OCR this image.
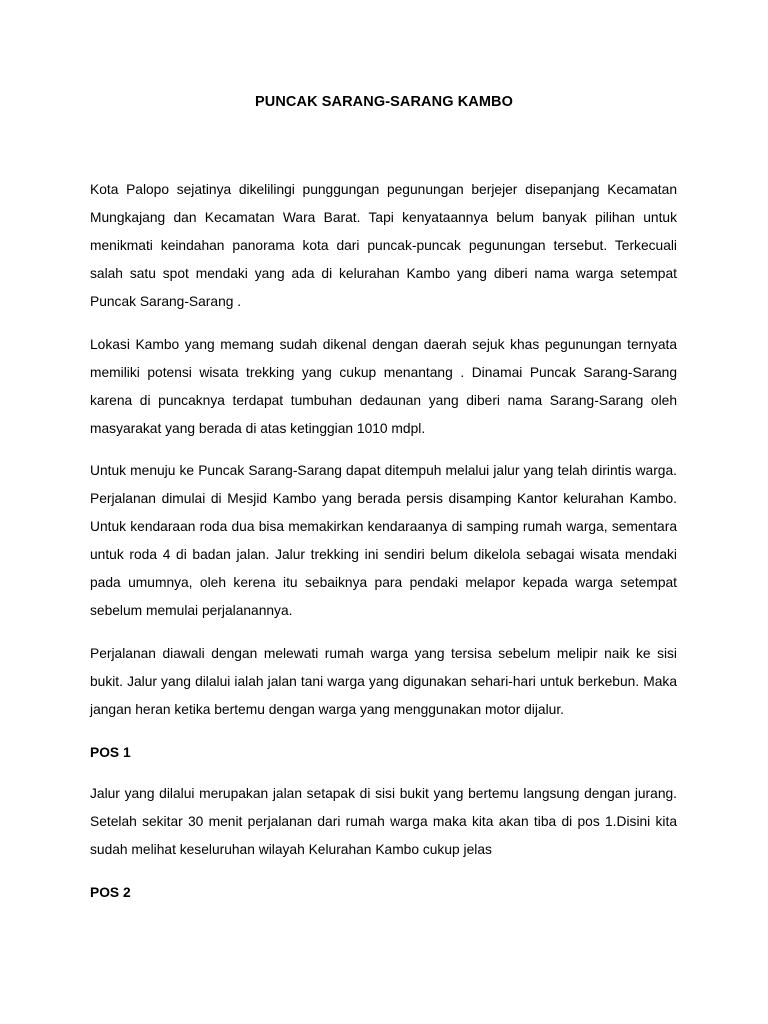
PUNCAK SARANG-SARANG KAMBO

Kota Palopo sejatinya dikelilingi punggungan pegunungan berjejer disepanjang Kecamatan Mungkajang dan Kecamatan Wara Barat. Tapi kenyataannya belum banyak pilihan untuk menikmati keindahan panorama kota dari puncak-puncak pegunungan tersebut. Terkecuali salah satu spot mendaki yang ada di kelurahan Kambo yang diberi nama warga setempat Puncak Sarang-Sarang .

Lokasi Kambo yang memang sudah dikenal dengan daerah sejuk khas pegunungan ternyata memiliki potensi wisata trekking yang cukup menantang . Dinamai Puncak Sarang-Sarang karena di puncaknya terdapat tumbuhan dedaunan yang diberi nama Sarang-Sarang oleh masyarakat yang berada di atas ketinggian 1010 mdpl.

Untuk menuju ke Puncak Sarang-Sarang dapat ditempuh melalui jalur yang telah dirintis warga. Perjalanan dimulai di Mesjid Kambo yang berada persis disamping Kantor kelurahan Kambo. Untuk kendaraan roda dua bisa memakirkan kendaraanya di samping rumah warga, sementara untuk roda 4 di badan jalan. Jalur trekking ini sendiri belum dikelola sebagai wisata mendaki pada umumnya, oleh kerena itu sebaiknya para pendaki melapor kepada warga setempat sebelum memulai perjalanannya.

Perjalanan diawali dengan melewati rumah warga yang tersisa sebelum melipir naik ke sisi bukit. Jalur yang dilalui ialah jalan tani warga yang digunakan sehari-hari untuk berkebun. Maka jangan heran ketika bertemu dengan warga yang menggunakan motor dijalur.

POS 1

Jalur yang dilalui merupakan jalan setapak di sisi bukit yang bertemu langsung dengan jurang. Setelah sekitar 30 menit perjalanan dari rumah warga maka kita akan tiba di pos 1.Disini kita sudah melihat keseluruhan wilayah Kelurahan Kambo cukup jelas

POS 2
